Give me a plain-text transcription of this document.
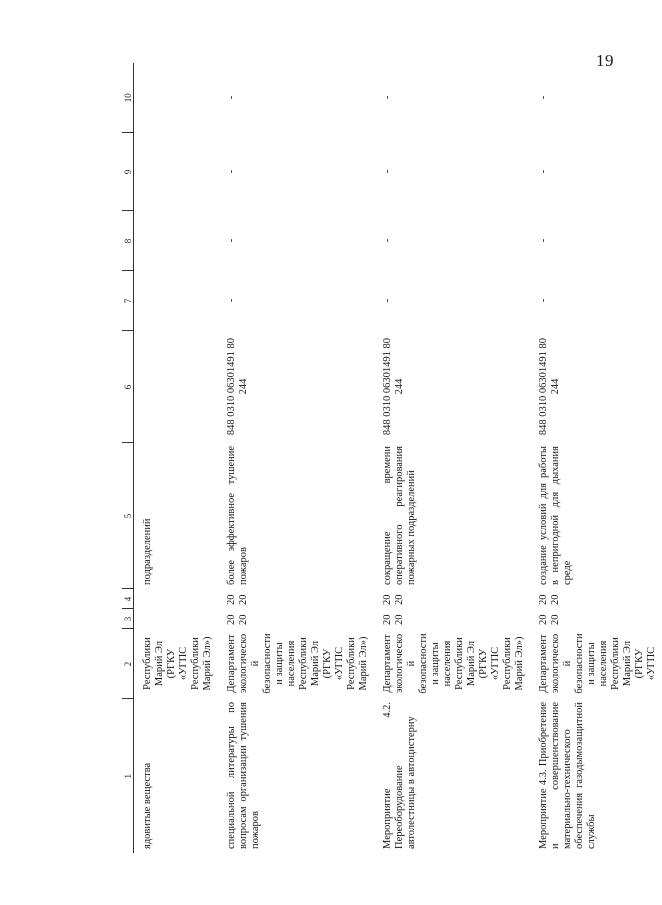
19
1	2	3	4	5	6	7	8	9	10
ядовитые вещества	Республики Марий Эл (РГКУ «УГПС Республики Марий Эл»)			подразделений					
специальной литературы по вопросам организации тушения пожаров	Департамент экологической безопасности и защиты населения Республики Марий Эл (РГКУ «УГПС Республики Марий Эл»)	2020	2020	более эффективное тушение пожаров	848 0310 06301491 80 244	-	-	-	-
Мероприятие 4.2. Переоборудование автолестницы в автоцистерну	Департамент экологической безопасности и защиты населения Республики Марий Эл (РГКУ «УГПС Республики Марий Эл»)	2020	2020	сокращение времени оперативного реагирования пожарных подразделений	848 0310 06301491 80 244	-	-	-	-
Мероприятие 4.3. Приобретение и совершенствование материально-технического обеспечения газодымозащитной службы	Департамент экологической безопасности и защиты населения Республики Марий Эл (РГКУ «УГПС	2020	2020	создание условий для работы в непригодной для дыхания среде	848 0310 06301491 80 244	-	-	-	-
